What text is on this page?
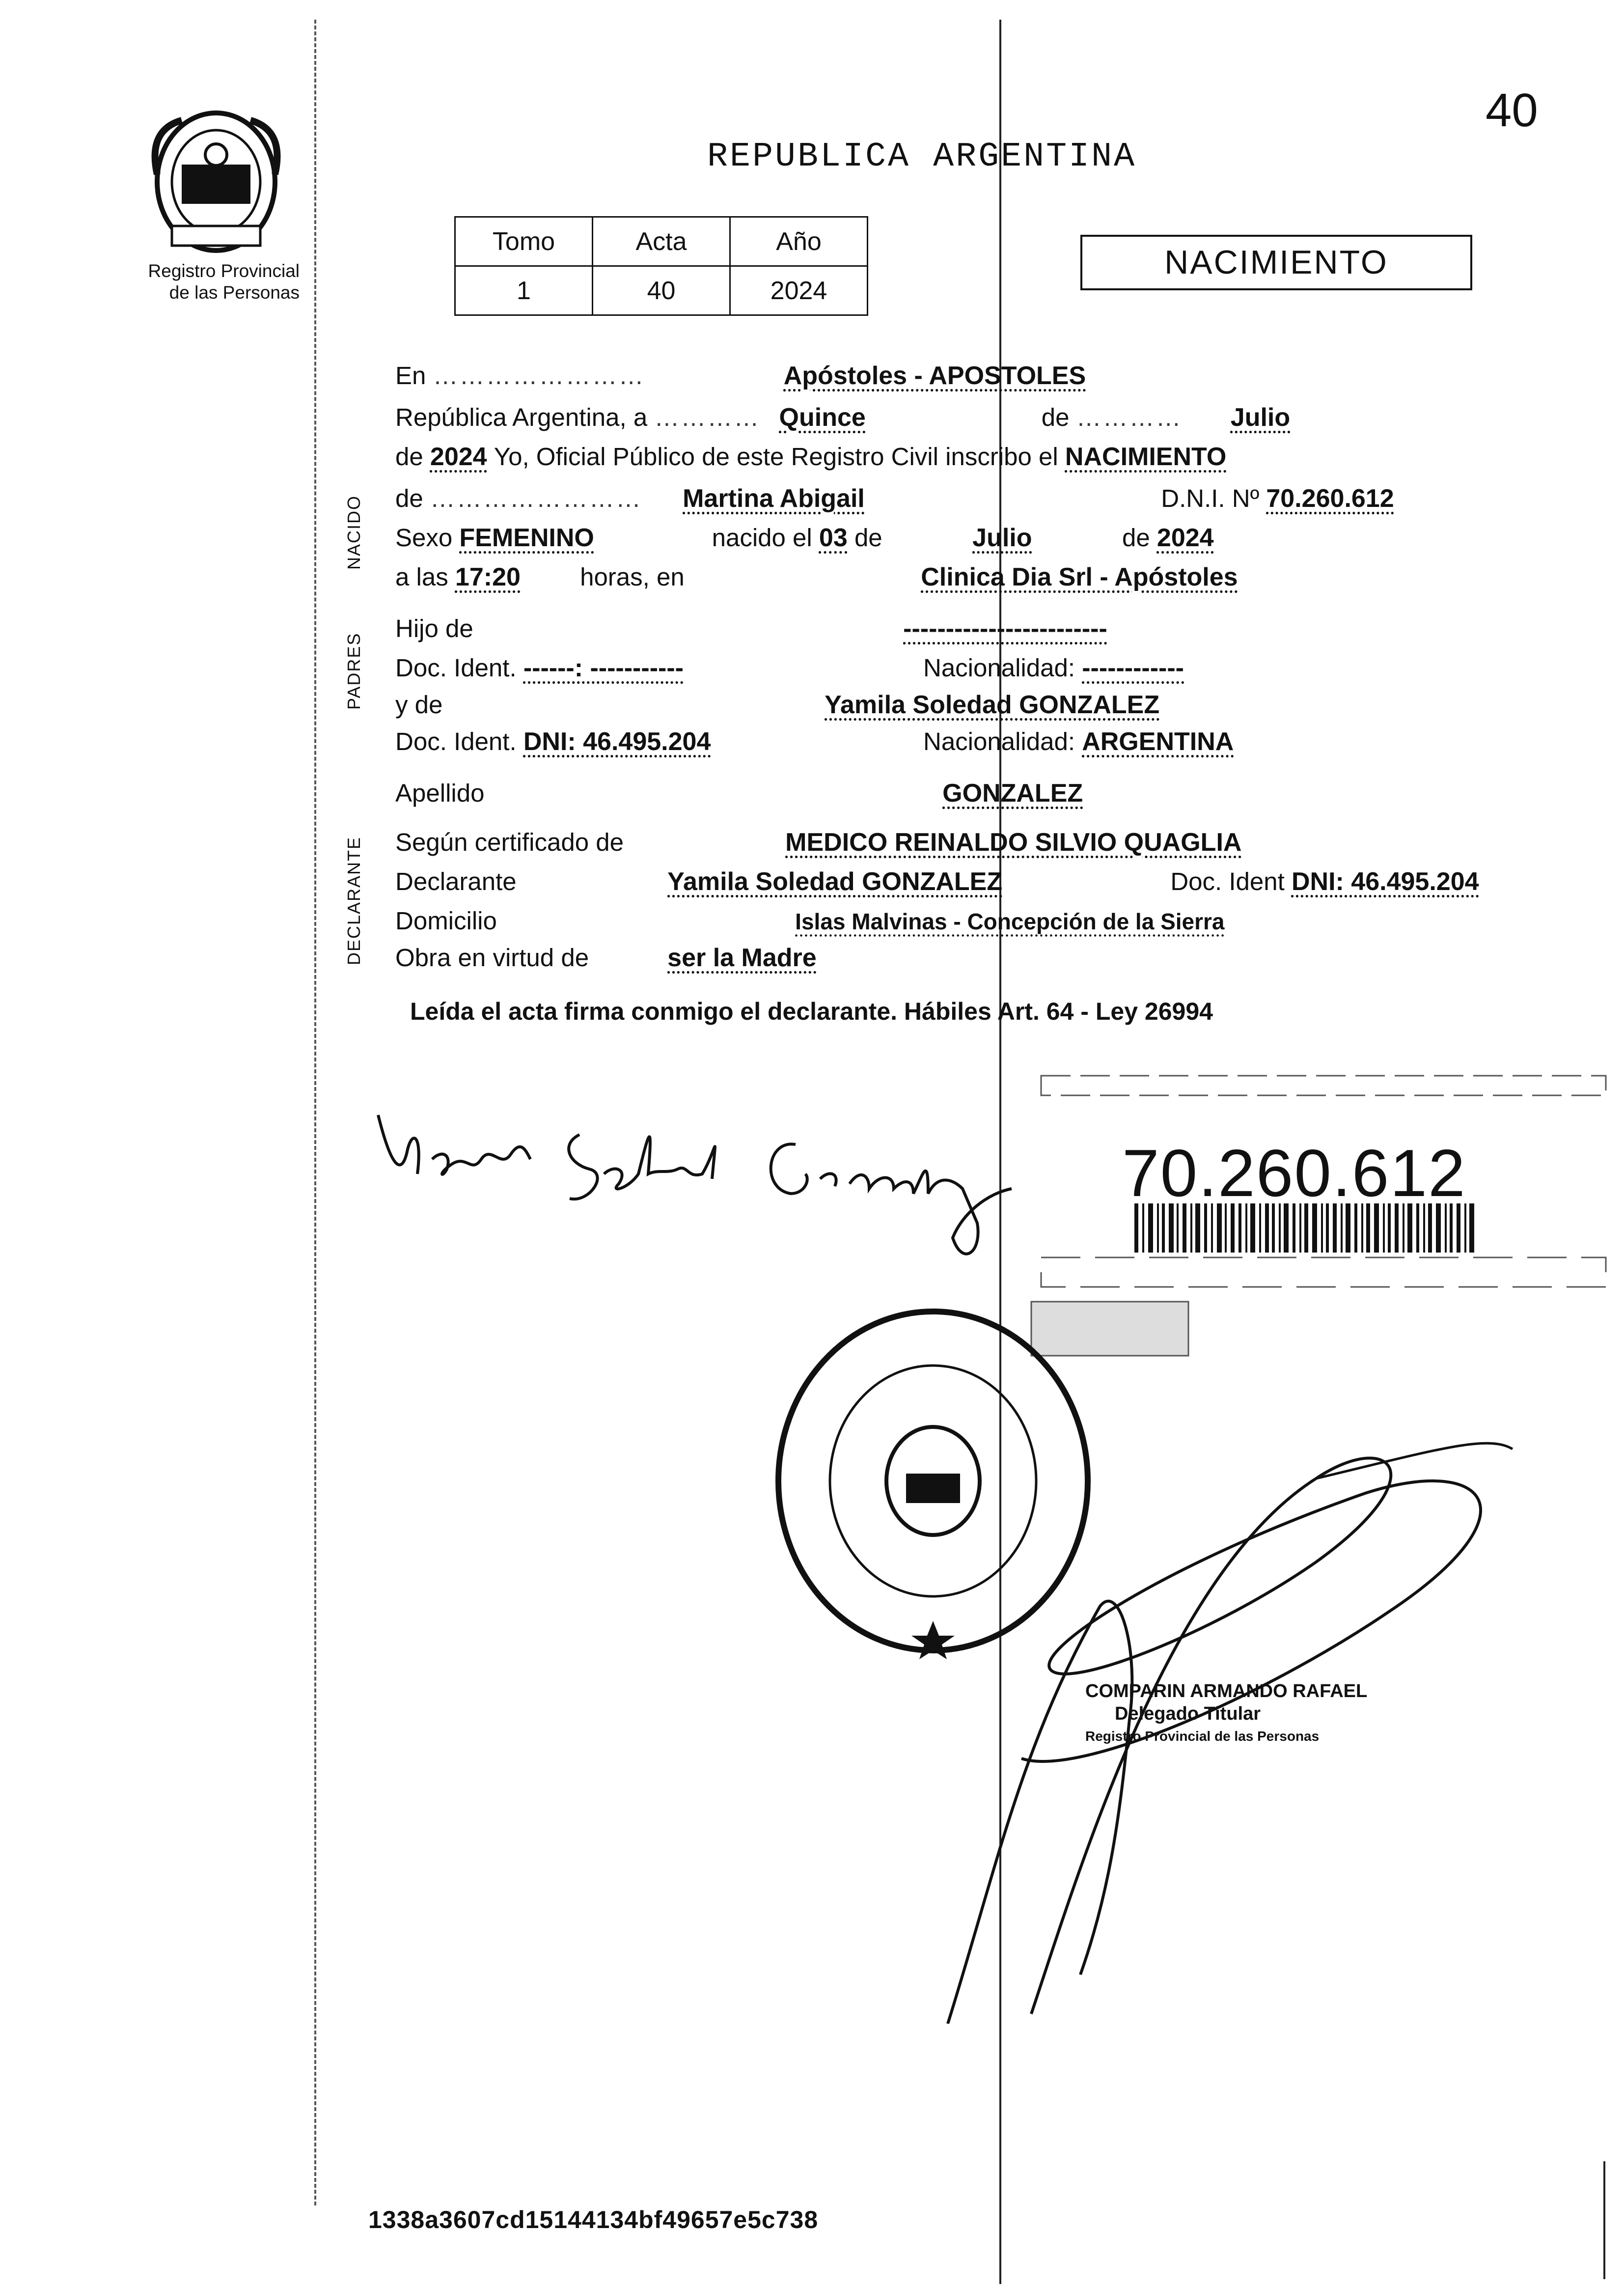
40
Registro Provincial
de las Personas
REPUBLICA ARGENTINA
Tomo	Acta	Año
1	40	2024
NACIMIENTO
En ……………………	Apóstoles - APOSTOLES
República Argentina, a ………… Quince	de ………… Julio
de 2024 Yo, Oficial Público de este Registro Civil inscribo el NACIMIENTO
de …………………… Martina Abigail	D.N.I. Nº 70.260.612
Sexo FEMENINO	nacido el 03 de	Julio	de 2024
a las 17:20 horas, en	Clinica Dia Srl - Apóstoles
Hijo de	------------------------
Doc. Ident. ------: -----------	Nacionalidad: ------------
y de	Yamila Soledad GONZALEZ
Doc. Ident. DNI: 46.495.204	Nacionalidad: ARGENTINA
Apellido	GONZALEZ
Según certificado de	MEDICO REINALDO SILVIO QUAGLIA
Declarante	Yamila Soledad GONZALEZ	Doc. Ident DNI: 46.495.204
Domicilio	Islas Malvinas - Concepción de la Sierra
Obra en virtud de	ser la Madre
NACIDO
PADRES
DECLARANTE
Leída el acta firma conmigo el declarante. Hábiles Art. 64 - Ley 26994
70.260.612
COMPARIN ARMANDO RAFAEL
Delegado Titular
Registro Provincial de las Personas
1338a3607cd15144134bf49657e5c738
